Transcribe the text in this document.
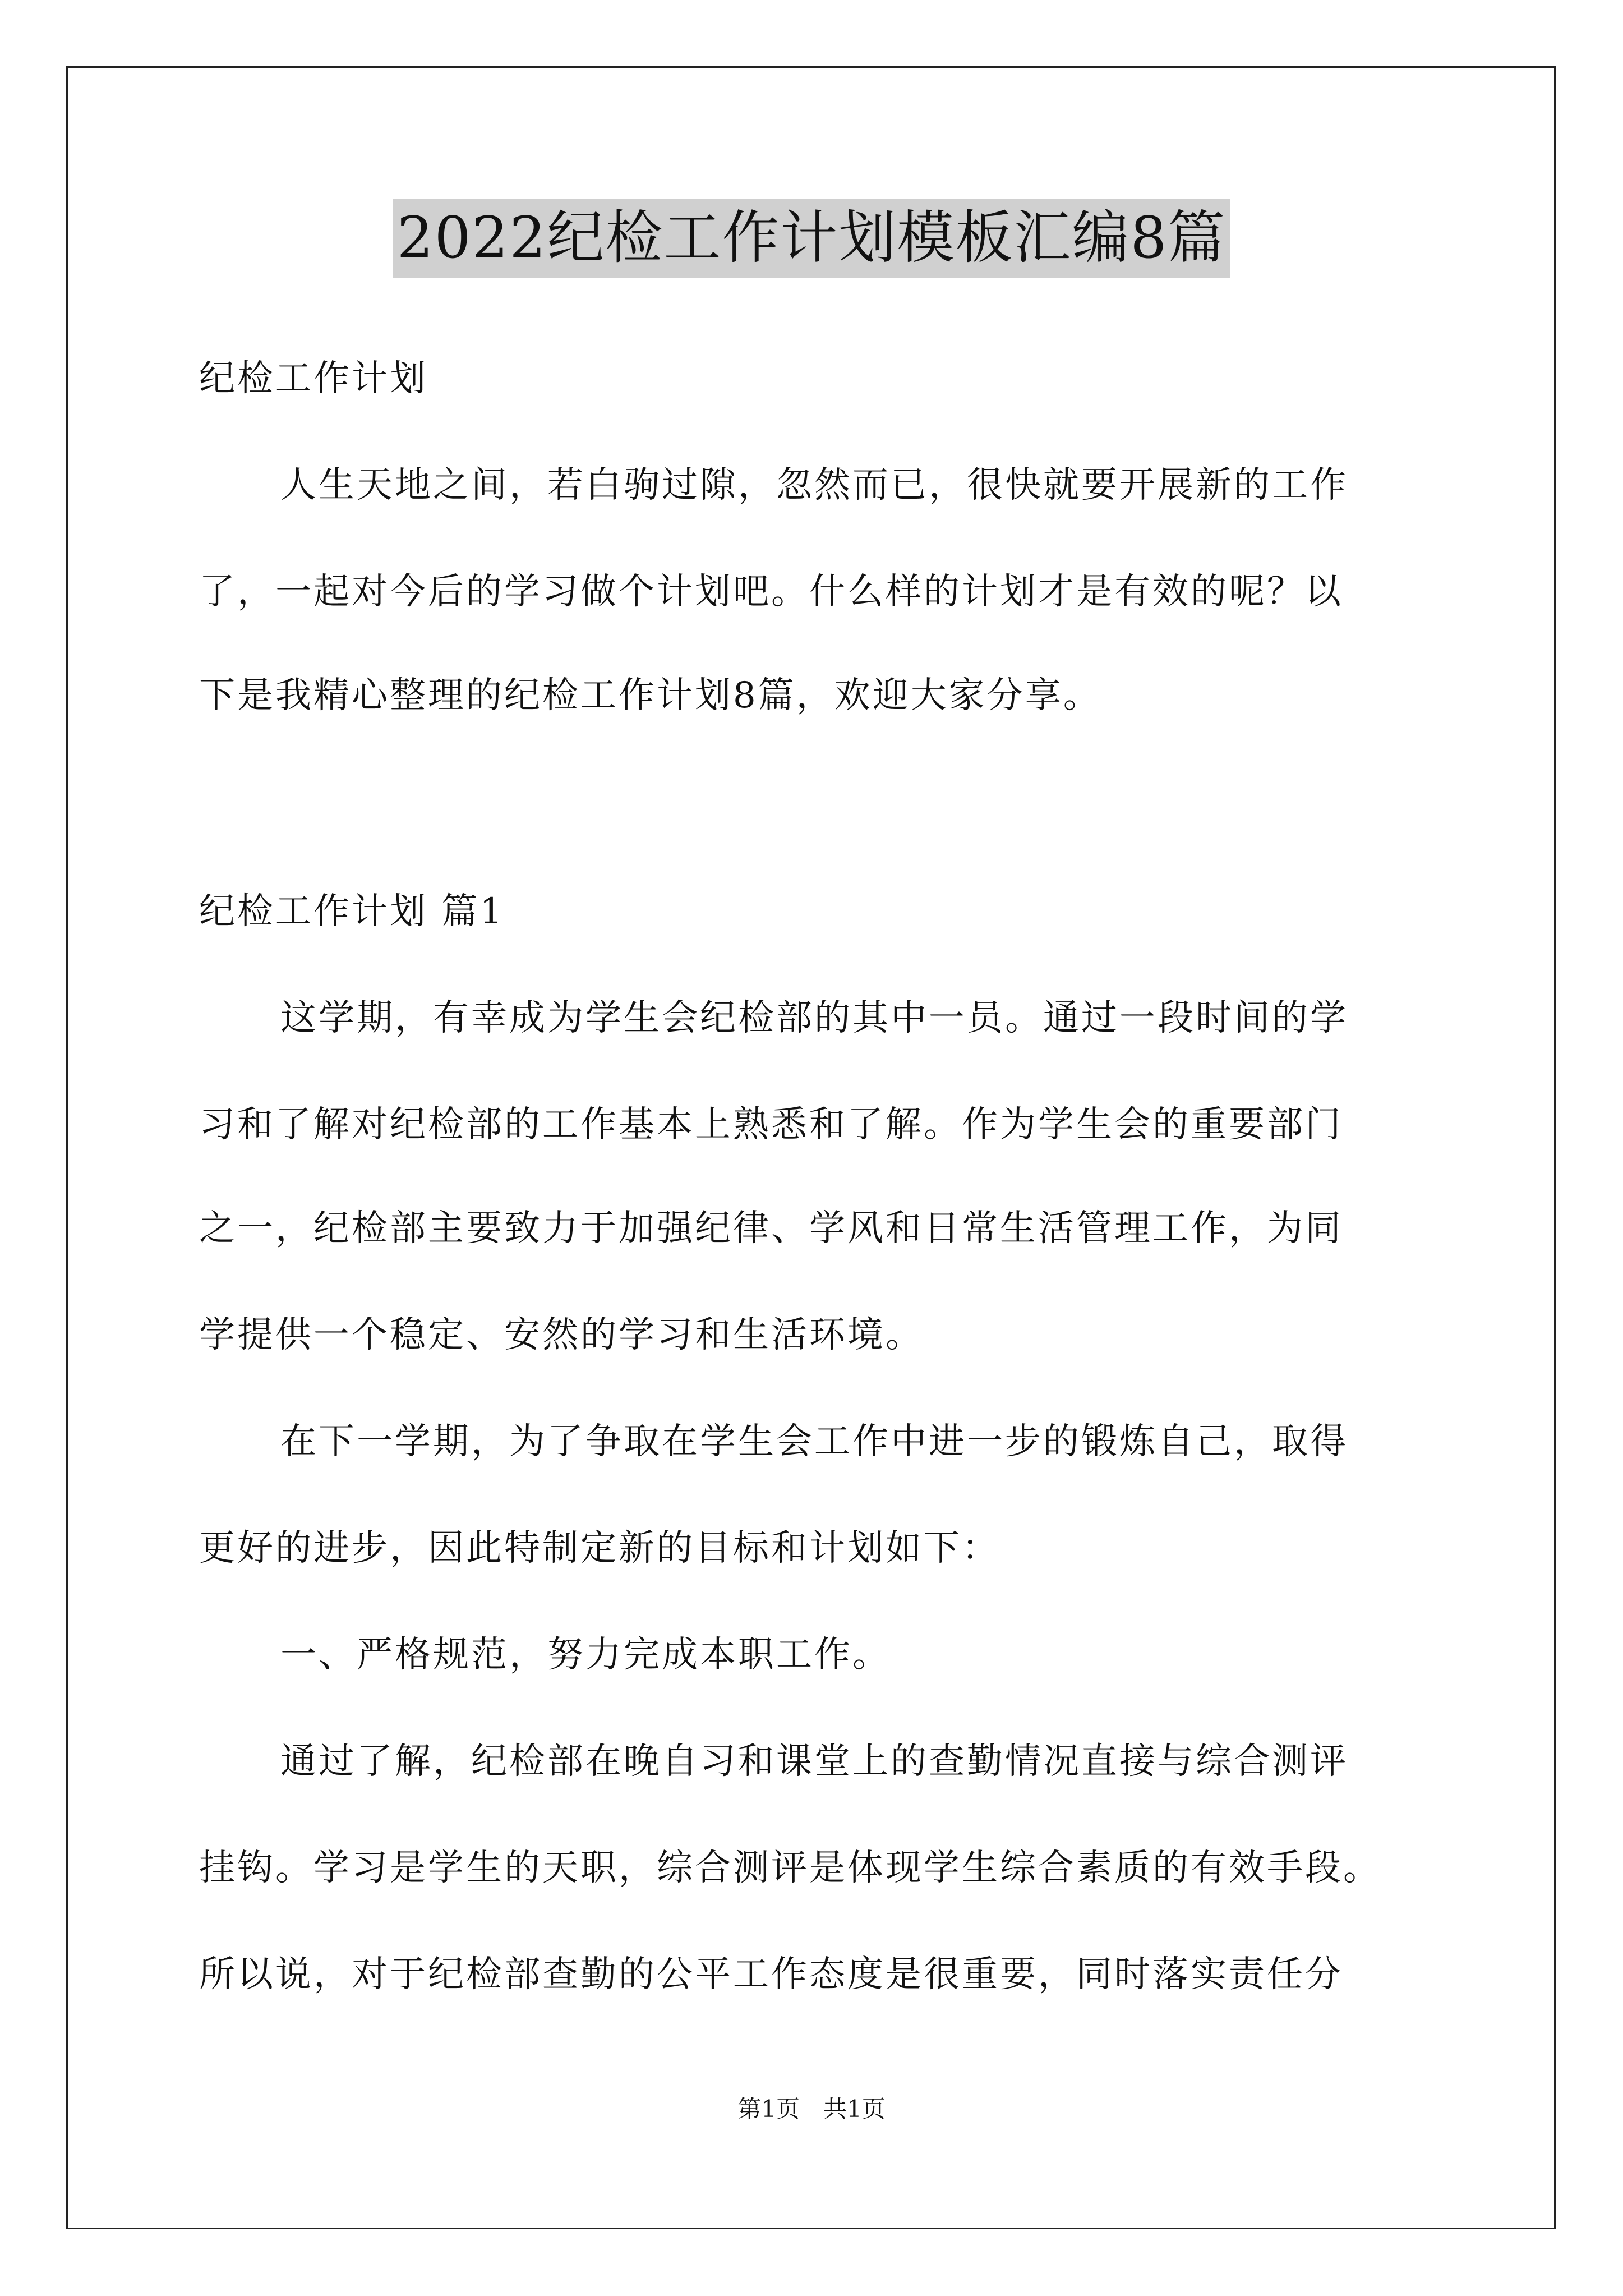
2022纪检工作计划模板汇编8篇
纪检工作计划
人生天地之间，若白驹过隙，忽然而已，很快就要开展新的工作
了，一起对今后的学习做个计划吧。什么样的计划才是有效的呢？以
下是我精心整理的纪检工作计划8篇，欢迎大家分享。
纪检工作计划 篇1
这学期，有幸成为学生会纪检部的其中一员。通过一段时间的学
习和了解对纪检部的工作基本上熟悉和了解。作为学生会的重要部门
之一，纪检部主要致力于加强纪律、学风和日常生活管理工作，为同
学提供一个稳定、安然的学习和生活环境。
在下一学期，为了争取在学生会工作中进一步的锻炼自己，取得
更好的进步，因此特制定新的目标和计划如下：
一、严格规范，努力完成本职工作。
通过了解，纪检部在晚自习和课堂上的查勤情况直接与综合测评
挂钩。学习是学生的天职，综合测评是体现学生综合素质的有效手段。
所以说，对于纪检部查勤的公平工作态度是很重要，同时落实责任分
第1页　共1页
